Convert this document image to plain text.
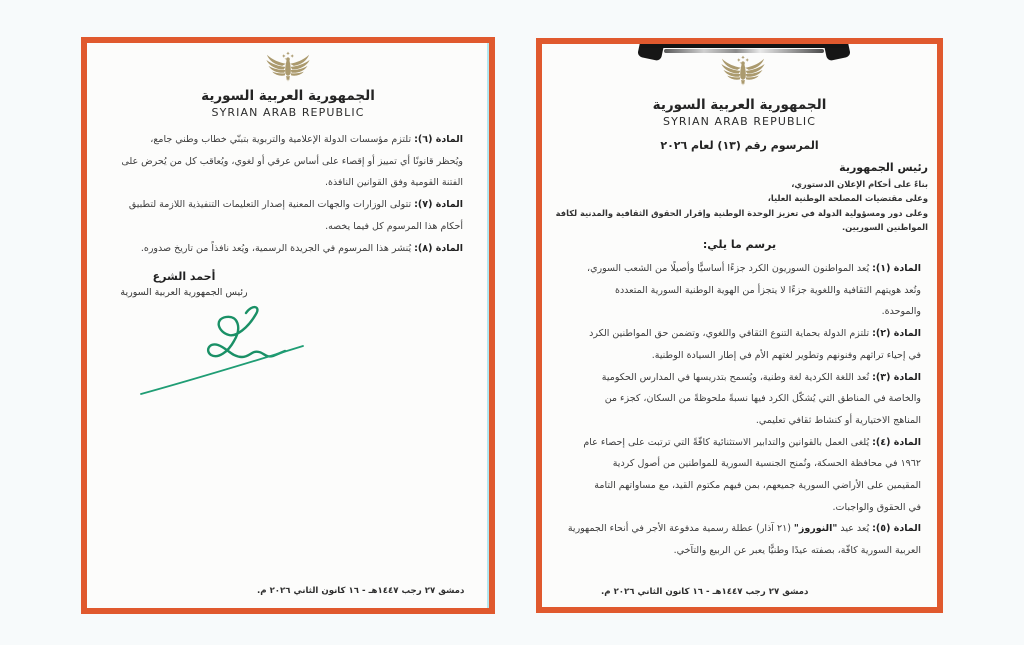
الجمهورية العربية السورية
SYRIAN ARAB REPUBLIC
المادة (٦): تلتزم مؤسسات الدولة الإعلامية والتربوية بتبنّي خطاب وطني جامع،
ويُحظر قانونًا أي تمييز أو إقصاء على أساس عرقي أو لغوي، ويُعاقب كل من يُحرض على
الفتنة القومية وفق القوانين النافذة.
المادة (٧): تتولى الوزارات والجهات المعنية إصدار التعليمات التنفيذية اللازمة لتطبيق
أحكام هذا المرسوم كل فيما يخصه.
المادة (٨): يُنشر هذا المرسوم في الجريدة الرسمية، ويُعد نافذاً من تاريخ صدوره.
أحمد الشرع
رئيس الجمهورية العربية السورية
دمشق ٢٧ رجب ١٤٤٧هـ - ١٦ كانون الثاني ٢٠٢٦ م.
الجمهورية العربية السورية
SYRIAN ARAB REPUBLIC
المرسوم رقم (١٣) لعام ٢٠٢٦
رئيس الجمهورية
بناءً على أحكام الإعلان الدستوري،
وعلى مقتضيات المصلحة الوطنية العليا،
وعلى دور ومسؤولية الدولة في تعزيز الوحدة الوطنية وإقرار الحقوق الثقافية والمدنية لكافة
المواطنين السوريين.
يرسم ما يلي:
المادة (١): يُعد المواطنون السوريون الكرد جزءًا أساسيًّا وأصيلًا من الشعب السوري،
وتُعد هويتهم الثقافية واللغوية جزءًا لا يتجزأ من الهوية الوطنية السورية المتعددة
والموحدة.
المادة (٢): تلتزم الدولة بحماية التنوع الثقافي واللغوي، وتضمن حق المواطنين الكرد
في إحياء تراثهم وفنونهم وتطوير لغتهم الأم في إطار السيادة الوطنية.
المادة (٣): تُعد اللغة الكردية لغة وطنية، ويُسمح بتدريسها في المدارس الحكومية
والخاصة في المناطق التي يُشكّل الكرد فيها نسبةً ملحوظةً من السكان، كجزء من
المناهج الاختيارية أو كنشاط ثقافي تعليمي.
المادة (٤): يُلغى العمل بالقوانين والتدابير الاستثنائية كافّةً التي ترتبت على إحصاء عام
١٩٦٢ في محافظة الحسكة، وتُمنح الجنسية السورية للمواطنين من أصول كردية
المقيمين على الأراضي السورية جميعهم، بمن فيهم مكتوم القيد، مع مساواتهم التامة
في الحقوق والواجبات.
المادة (٥): يُعد عيد "النوروز" (٢١ آذار) عطلة رسمية مدفوعة الأجر في أنحاء الجمهورية
العربية السورية كافّة، بصفته عيدًا وطنيًّا يعبر عن الربيع والتآخي.
دمشق ٢٧ رجب ١٤٤٧هـ - ١٦ كانون الثاني ٢٠٢٦ م.
